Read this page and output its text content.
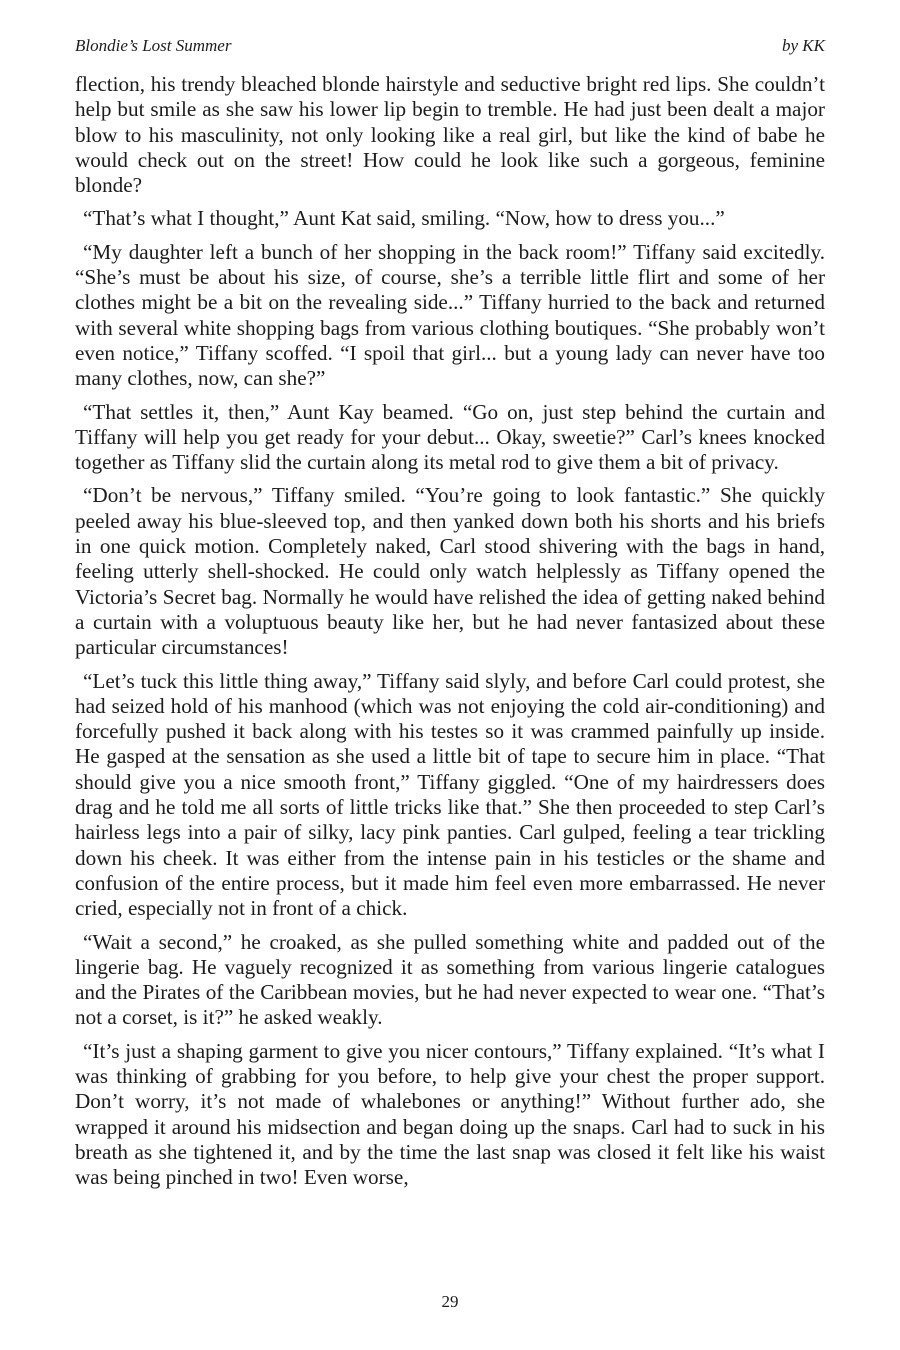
Blondie’s Lost Summer	by KK

flection, his trendy bleached blonde hairstyle and seductive bright red lips. She couldn’t help but smile as she saw his lower lip begin to tremble. He had just been dealt a major blow to his masculinity, not only looking like a real girl, but like the kind of babe he would check out on the street! How could he look like such a gorgeous, feminine blonde?

“That’s what I thought,” Aunt Kat said, smiling. “Now, how to dress you...”

“My daughter left a bunch of her shopping in the back room!” Tiffany said excitedly. “She’s must be about his size, of course, she’s a terrible little flirt and some of her clothes might be a bit on the revealing side...” Tiffany hurried to the back and returned with several white shopping bags from various clothing boutiques. “She probably won’t even notice,” Tiffany scoffed. “I spoil that girl... but a young lady can never have too many clothes, now, can she?”

“That settles it, then,” Aunt Kay beamed. “Go on, just step behind the curtain and Tiffany will help you get ready for your debut... Okay, sweetie?” Carl’s knees knocked together as Tiffany slid the curtain along its metal rod to give them a bit of privacy.

“Don’t be nervous,” Tiffany smiled. “You’re going to look fantastic.” She quickly peeled away his blue-sleeved top, and then yanked down both his shorts and his briefs in one quick motion. Completely naked, Carl stood shivering with the bags in hand, feeling utterly shell-shocked. He could only watch helplessly as Tiffany opened the Victoria’s Secret bag. Normally he would have relished the idea of getting naked behind a curtain with a voluptuous beauty like her, but he had never fantasized about these particular circumstances!

“Let’s tuck this little thing away,” Tiffany said slyly, and before Carl could protest, she had seized hold of his manhood (which was not enjoying the cold air-conditioning) and forcefully pushed it back along with his testes so it was crammed painfully up inside. He gasped at the sensation as she used a little bit of tape to secure him in place. “That should give you a nice smooth front,” Tiffany giggled. “One of my hairdressers does drag and he told me all sorts of little tricks like that.” She then proceeded to step Carl’s hairless legs into a pair of silky, lacy pink panties. Carl gulped, feeling a tear trickling down his cheek. It was either from the intense pain in his testicles or the shame and confusion of the entire process, but it made him feel even more embarrassed. He never cried, especially not in front of a chick.

“Wait a second,” he croaked, as she pulled something white and padded out of the lingerie bag. He vaguely recognized it as something from various lingerie catalogues and the Pirates of the Caribbean movies, but he had never expected to wear one. “That’s not a corset, is it?” he asked weakly.

“It’s just a shaping garment to give you nicer contours,” Tiffany explained. “It’s what I was thinking of grabbing for you before, to help give your chest the proper support. Don’t worry, it’s not made of whalebones or anything!” Without further ado, she wrapped it around his midsection and began doing up the snaps. Carl had to suck in his breath as she tightened it, and by the time the last snap was closed it felt like his waist was being pinched in two! Even worse,

29
